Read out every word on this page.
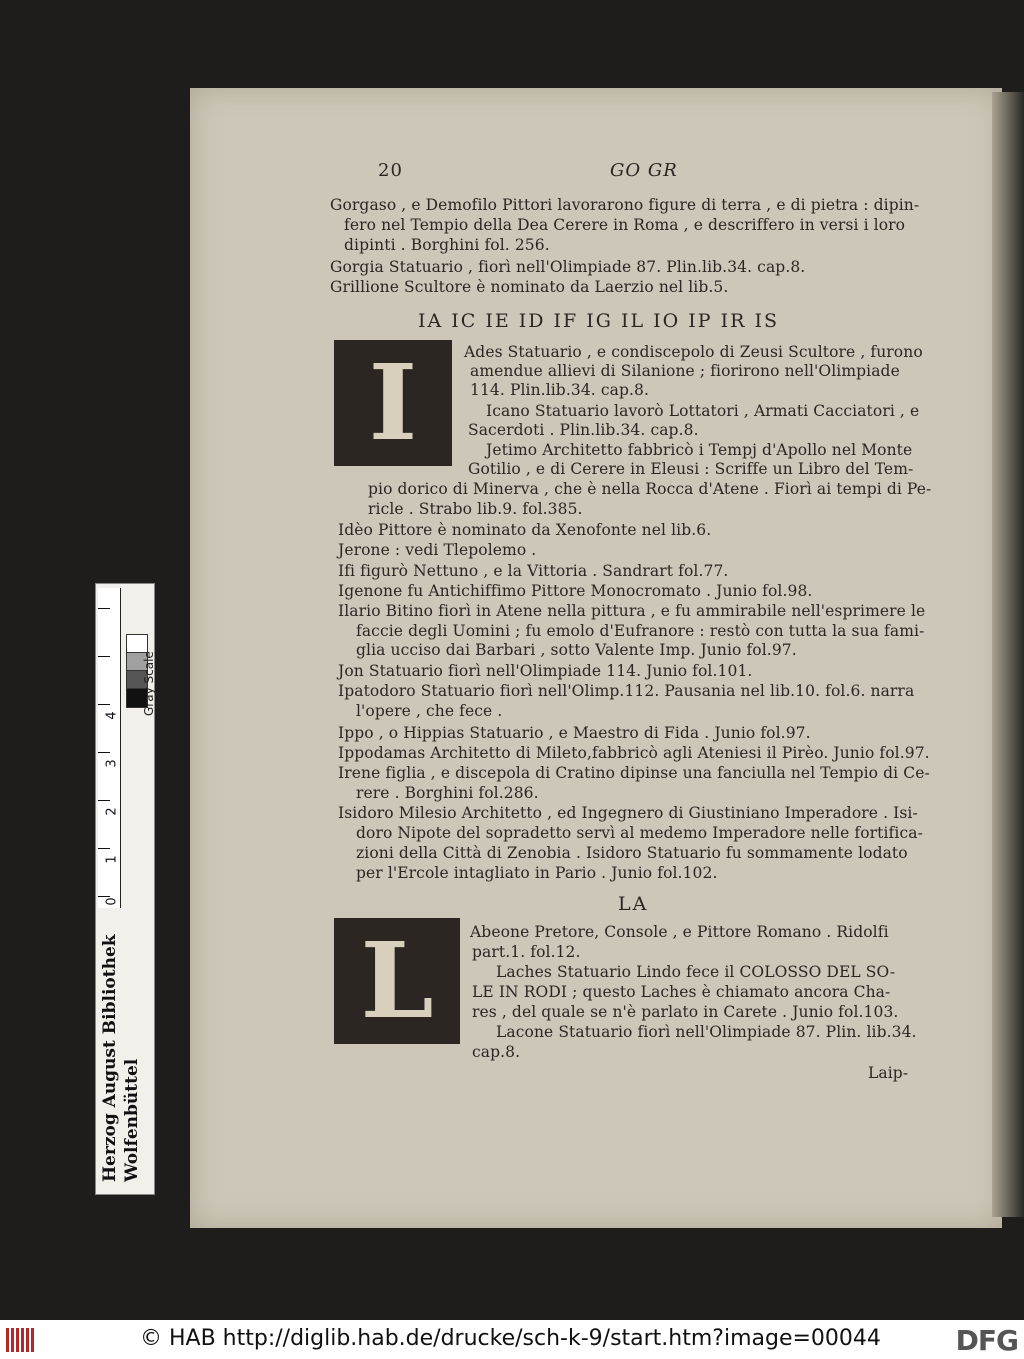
20	GO GR
Gorgaso , e Demofilo Pittori lavorarono figure di terra , e di pietra : dipin-
fero nel Tempio della Dea Cerere in Roma , e descriffero in versi i loro
dipinti . Borghini fol. 256.
Gorgia Statuario , fiorì nell'Olimpiade 87. Plin.lib.34. cap.8.
Grillione Scultore è nominato da Laerzio nel lib.5.
IA IC IE ID IF IG IL IO IP IR IS
I	Ades Statuario , e condiscepolo di Zeusi Scultore , furono
amendue allievi di Silanione ; fiorirono nell'Olimpiade
114. Plin.lib.34. cap.8.
Icano Statuario lavorò Lottatori , Armati Cacciatori , e
Sacerdoti . Plin.lib.34. cap.8.
Jetimo Architetto fabbricò i Tempj d'Apollo nel Monte
Gotilio , e di Cerere in Eleusi : Scriffe un Libro del Tem-
pio dorico di Minerva , che è nella Rocca d'Atene . Fiorì ai tempi di Pe-
ricle . Strabo lib.9. fol.385.
Idèo Pittore è nominato da Xenofonte nel lib.6.
Jerone : vedi Tlepolemo .
Ifi figurò Nettuno , e la Vittoria . Sandrart fol.77.
Igenone fu Antichiffimo Pittore Monocromato . Junio fol.98.
Ilario Bitino fiorì in Atene nella pittura , e fu ammirabile nell'esprimere le
faccie degli Uomini ; fu emolo d'Eufranore : restò con tutta la sua fami-
glia ucciso dai Barbari , sotto Valente Imp. Junio fol.97.
Jon Statuario fiorì nell'Olimpiade 114. Junio fol.101.
Ipatodoro Statuario fiorì nell'Olimp.112. Pausania nel lib.10. fol.6. narra
l'opere , che fece .
Ippo , o Hippias Statuario , e Maestro di Fida . Junio fol.97.
Ippodamas Architetto di Mileto,fabbricò agli Ateniesi il Pirèo. Junio fol.97.
Irene figlia , e discepola di Cratino dipinse una fanciulla nel Tempio di Ce-
rere . Borghini fol.286.
Isidoro Milesio Architetto , ed Ingegnero di Giustiniano Imperadore . Isi-
doro Nipote del sopradetto servì al medemo Imperadore nelle fortifica-
zioni della Città di Zenobia . Isidoro Statuario fu sommamente lodato
per l'Ercole intagliato in Pario . Junio fol.102.
LA
L Abeone Pretore, Console , e Pittore Romano . Ridolfi
part.1. fol.12.
Laches Statuario Lindo fece il COLOSSO DEL SO-
LE IN RODI ; questo Laches è chiamato ancora Cha-
res , del quale se n'è parlato in Carete . Junio fol.103.
Lacone Statuario fiorì nell'Olimpiade 87. Plin. lib.34.
cap.8.
Laip-
4
3
2
1
0
Gray Scale
Herzog August Bibliothek Wolfenbüttel
© HAB http://diglib.hab.de/drucke/sch-k-9/start.htm?image=00044	DFG
